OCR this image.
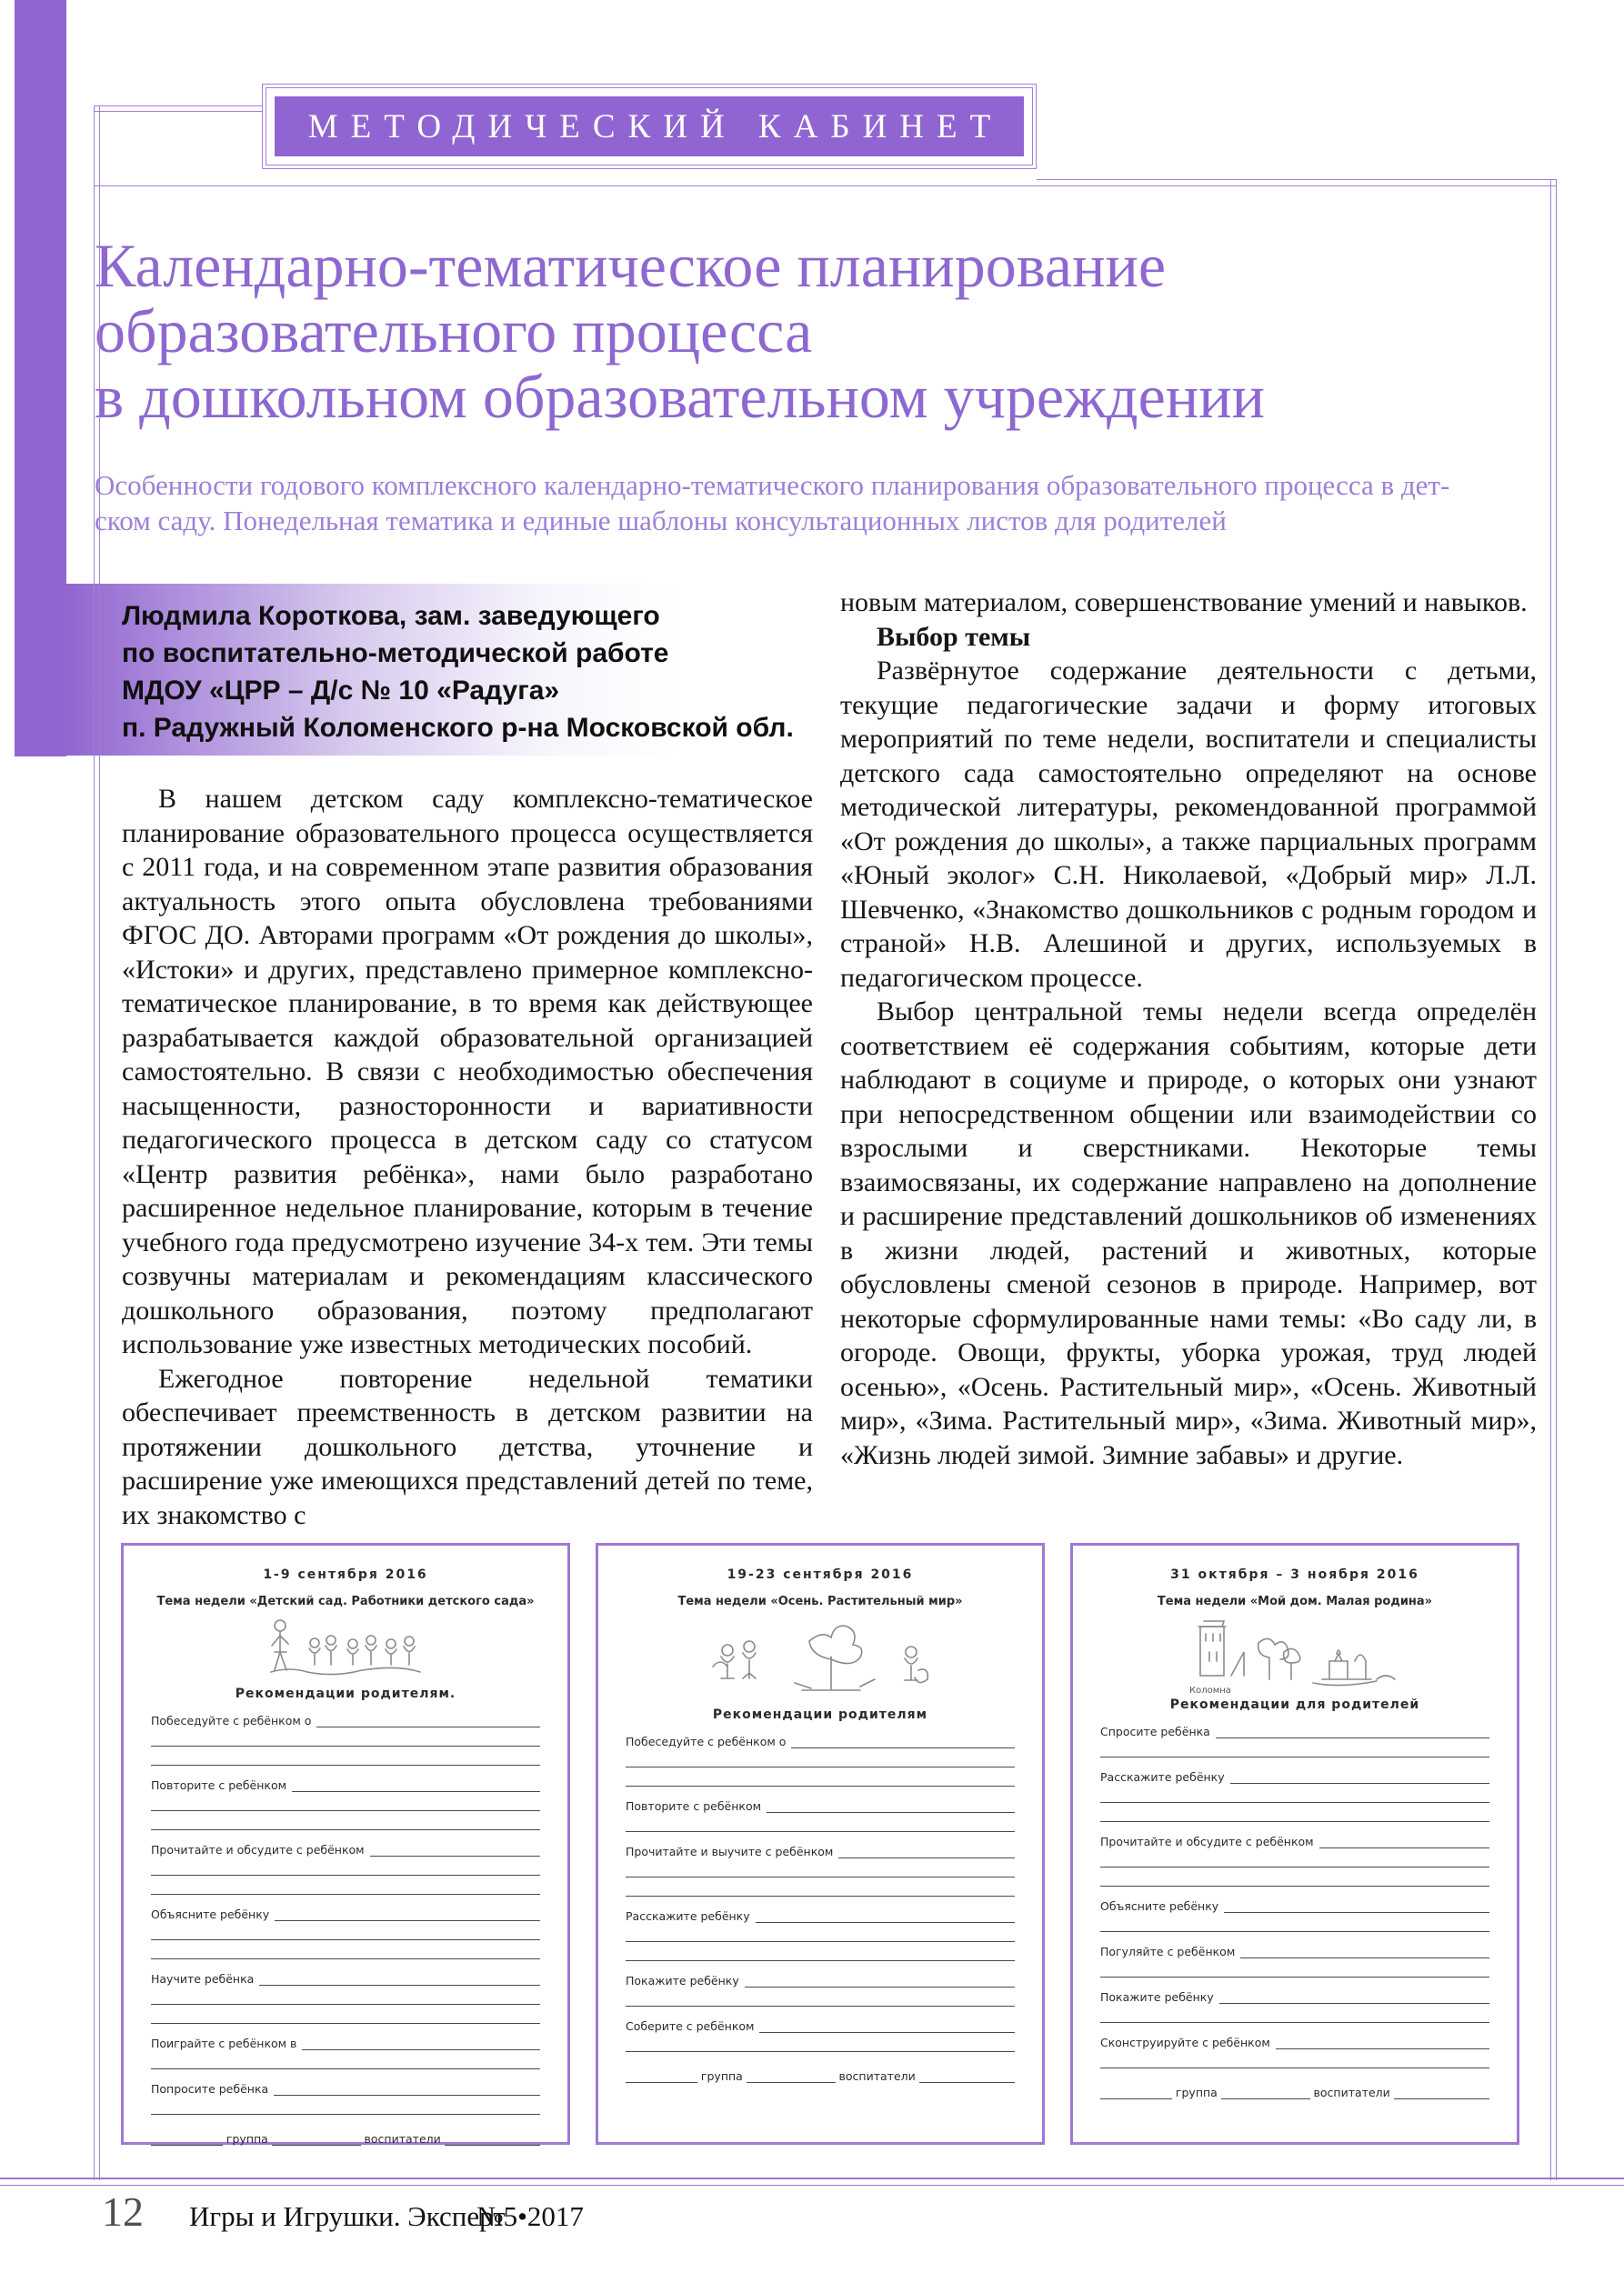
МЕТОДИЧЕСКИЙ КАБИНЕТ
Календарно-тематическое планирование
образовательного процесса
в дошкольном образовательном учреждении
Особенности годового комплексного календарно-тематического планирования образовательного процесса в дет-
ском саду. Понедельная тематика и единые шаблоны консультационных листов для родителей
Людмила Короткова, зам. заведующего
по воспитательно-методической работе
МДОУ «ЦРР – Д/с № 10 «Радуга»
п. Радужный Коломенского р-на Московской обл.

В нашем детском саду комплексно-тематическое планирование образовательного процесса осуществляется с 2011 года, и на современном этапе развития образования актуальность этого опыта обусловлена требованиями ФГОС ДО. Авторами программ «От рождения до школы», «Истоки» и других, представлено примерное комплексно-тематическое планирование, в то время как действующее разрабатывается каждой образовательной организацией самостоятельно. В связи с необходимостью обеспечения насыщенности, разносторонности и вариативности педагогического процесса в детском саду со статусом «Центр развития ребёнка», нами было разработано расширенное недельное планирование, которым в течение учебного года предусмотрено изучение 34-х тем. Эти темы созвучны материалам и рекомендациям классического дошкольного образования, поэтому предполагают использование уже известных методических пособий.

Ежегодное повторение недельной тематики обеспечивает преемственность в детском развитии на протяжении дошкольного детства, уточнение и расширение уже имеющихся представлений детей по теме, их знакомство с

новым материалом, совершенствование умений и навыков.

Выбор темы

Развёрнутое содержание деятельности с детьми, текущие педагогические задачи и форму итоговых мероприятий по теме недели, воспитатели и специалисты детского сада самостоятельно определяют на основе методической литературы, рекомендованной программой «От рождения до школы», а также парциальных программ «Юный эколог» С.Н. Николаевой, «Добрый мир» Л.Л. Шевченко, «Знакомство дошкольников с родным городом и страной» Н.В. Алешиной и других, используемых в педагогическом процессе.

Выбор центральной темы недели всегда определён соответствием её содержания событиям, которые дети наблюдают в социуме и природе, о которых они узнают при непосредственном общении или взаимодействии со взрослыми и сверстниками. Некоторые темы взаимосвязаны, их содержание направлено на дополнение и расширение представлений дошкольников об изменениях в жизни людей, растений и животных, которые обусловлены сменой сезонов в природе. Например, вот некоторые сформулированные нами темы: «Во саду ли, в огороде. Овощи, фрукты, уборка урожая, труд людей осенью», «Осень. Растительный мир», «Осень. Животный мир», «Зима. Растительный мир», «Зима. Животный мир», «Жизнь людей зимой. Зимние забавы» и другие.

1-9 сентября 2016
Тема недели «Детский сад. Работники детского сада»
Рекомендации родителям.
Побеседуйте с ребёнком о
Повторите с ребёнком
Прочитайте и обсудите с ребёнком
Объясните ребёнку
Научите ребёнка
Поиграйте с ребёнком в
Попросите ребёнка
группа	воспитатели
19-23 сентября 2016
Тема недели «Осень. Растительный мир»
Рекомендации родителям
Побеседуйте с ребёнком о
Повторите с ребёнком
Прочитайте и выучите с ребёнком
Расскажите ребёнку
Покажите ребёнку
Соберите с ребёнком
группа	воспитатели
31 октября – 3 ноября 2016
Тема недели «Мой дом. Малая родина»
Коломна
Рекомендации для родителей
Спросите ребёнка
Расскажите ребёнку
Прочитайте и обсудите с ребёнком
Объясните ребёнку
Погуляйте с ребёнком
Покажите ребёнку
Сконструируйте с ребёнком
группа	воспитатели
12 Игры и Игрушки. Эксперт
№5•2017
